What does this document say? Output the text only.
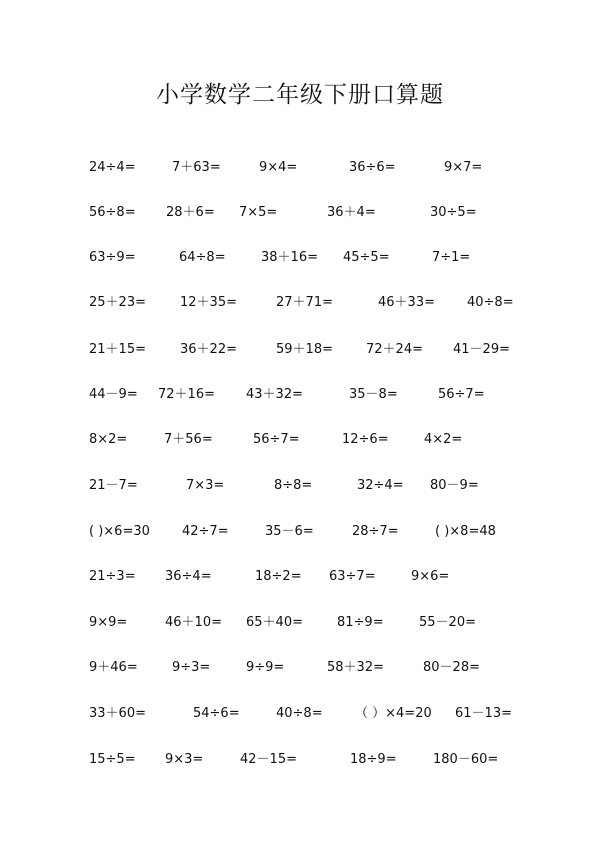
小学数学二年级下册口算题
24÷4=	7＋63=	9×4=	36÷6=	9×7=
56÷8= 28＋6= 7×5=	36＋4=	30÷5=
63÷9=	64÷8=	38＋16= 45÷5=	7÷1=
25＋23=	12＋35=	27＋71=	46＋33= 40÷8=
21＋15=	36＋22=	59＋18=	72＋24= 41－29=
44－9= 72＋16= 43＋32=	35－8=	56÷7=
8×2=	7＋56=	56÷7=	12÷6=	4×2=
21－7=	7×3=	8÷8=	32÷4= 80－9=
( )×6=30 42÷7=	35－6=	28÷7=	( )×8=48
21÷3= 36÷4=	18÷2= 63÷7=	9×6=
9×9=	46＋10= 65＋40=	81÷9=	55－20=
9＋46=	9÷3=	9÷9=	58＋32=	80－28=
33＋60=	54÷6=	40÷8= （ ）×4=20 61－13=
15÷5= 9×3=	42－15=	18÷9=	180－60=
